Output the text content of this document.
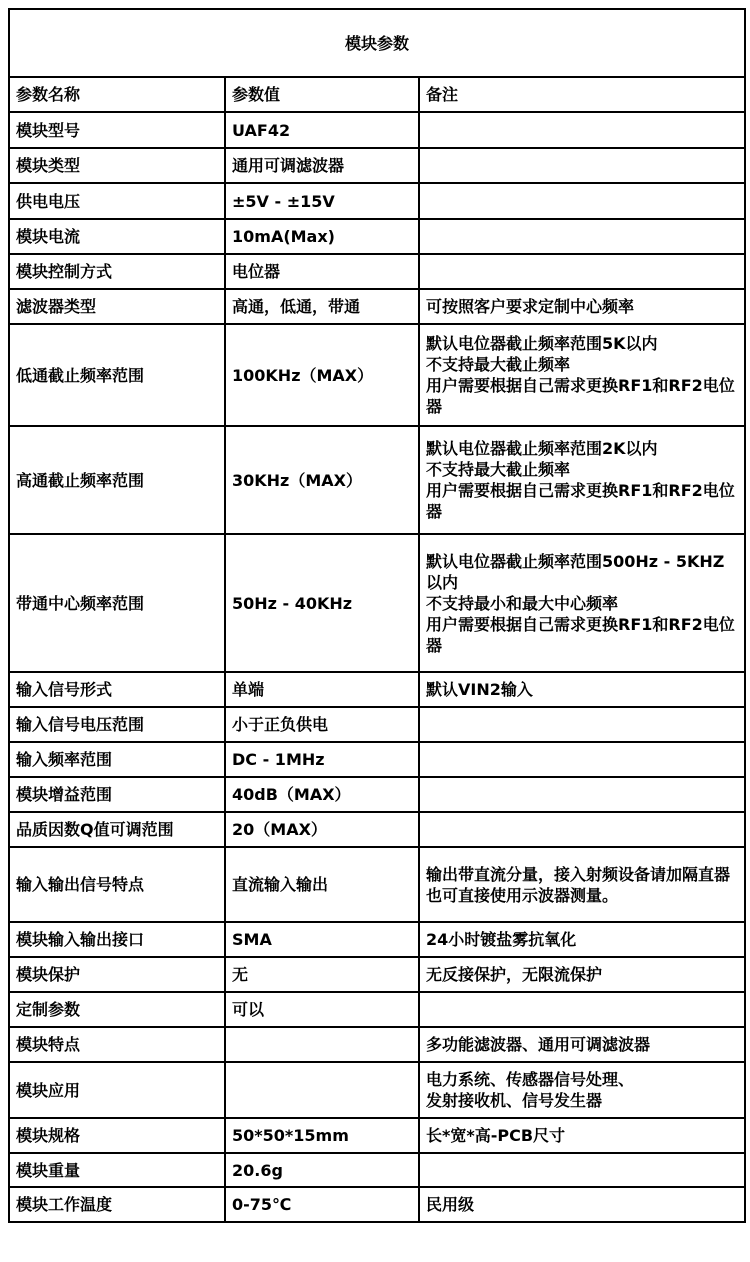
模块参数		
参数名称	参数值	备注
模块型号	UAF42	
模块类型	通用可调滤波器	
供电电压	±5V - ±15V	
模块电流	10mA(Max)	
模块控制方式	电位器	
滤波器类型	高通，低通，带通	可按照客户要求定制中心频率
低通截止频率范围	100KHz（MAX）	默认电位器截止频率范围5K以内
不支持最大截止频率
用户需要根据自己需求更换RF1和RF2电位器
高通截止频率范围	30KHz（MAX）	默认电位器截止频率范围2K以内
不支持最大截止频率
用户需要根据自己需求更换RF1和RF2电位器
带通中心频率范围	50Hz - 40KHz	默认电位器截止频率范围500Hz - 5KHZ以内
不支持最小和最大中心频率
用户需要根据自己需求更换RF1和RF2电位器
输入信号形式	单端	默认VIN2输入
输入信号电压范围	小于正负供电	
输入频率范围	DC - 1MHz	
模块增益范围	40dB（MAX）	
品质因数Q值可调范围	20（MAX）	
输入输出信号特点	直流输入输出	输出带直流分量，接入射频设备请加隔直器
也可直接使用示波器测量。
模块输入输出接口	SMA	24小时镀盐雾抗氧化
模块保护	无	无反接保护，无限流保护
定制参数	可以	
模块特点		多功能滤波器、通用可调滤波器
模块应用		电力系统、传感器信号处理、
发射接收机、信号发生器
模块规格	50*50*15mm	长*宽*高-PCB尺寸
模块重量	20.6g	
模块工作温度	0-75℃	民用级
